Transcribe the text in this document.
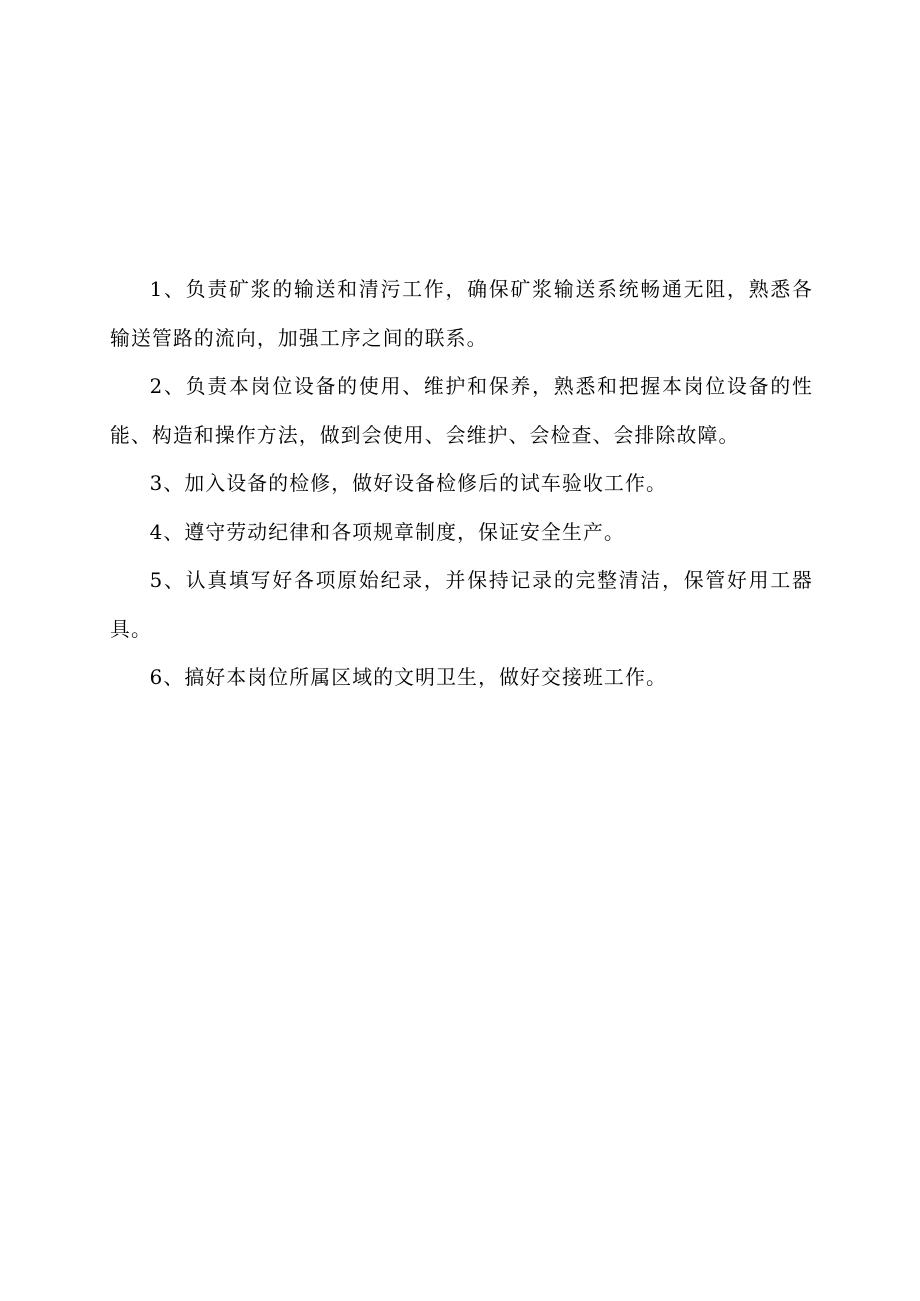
1、负责矿浆的输送和清污工作，确保矿浆输送系统畅通无阻，熟悉各输送管路的流向，加强工序之间的联系。

2、负责本岗位设备的使用、维护和保养，熟悉和把握本岗位设备的性能、构造和操作方法，做到会使用、会维护、会检查、会排除故障。

3、加入设备的检修，做好设备检修后的试车验收工作。

4、遵守劳动纪律和各项规章制度，保证安全生产。

5、认真填写好各项原始纪录，并保持记录的完整清洁，保管好用工器具。

6、搞好本岗位所属区域的文明卫生，做好交接班工作。
